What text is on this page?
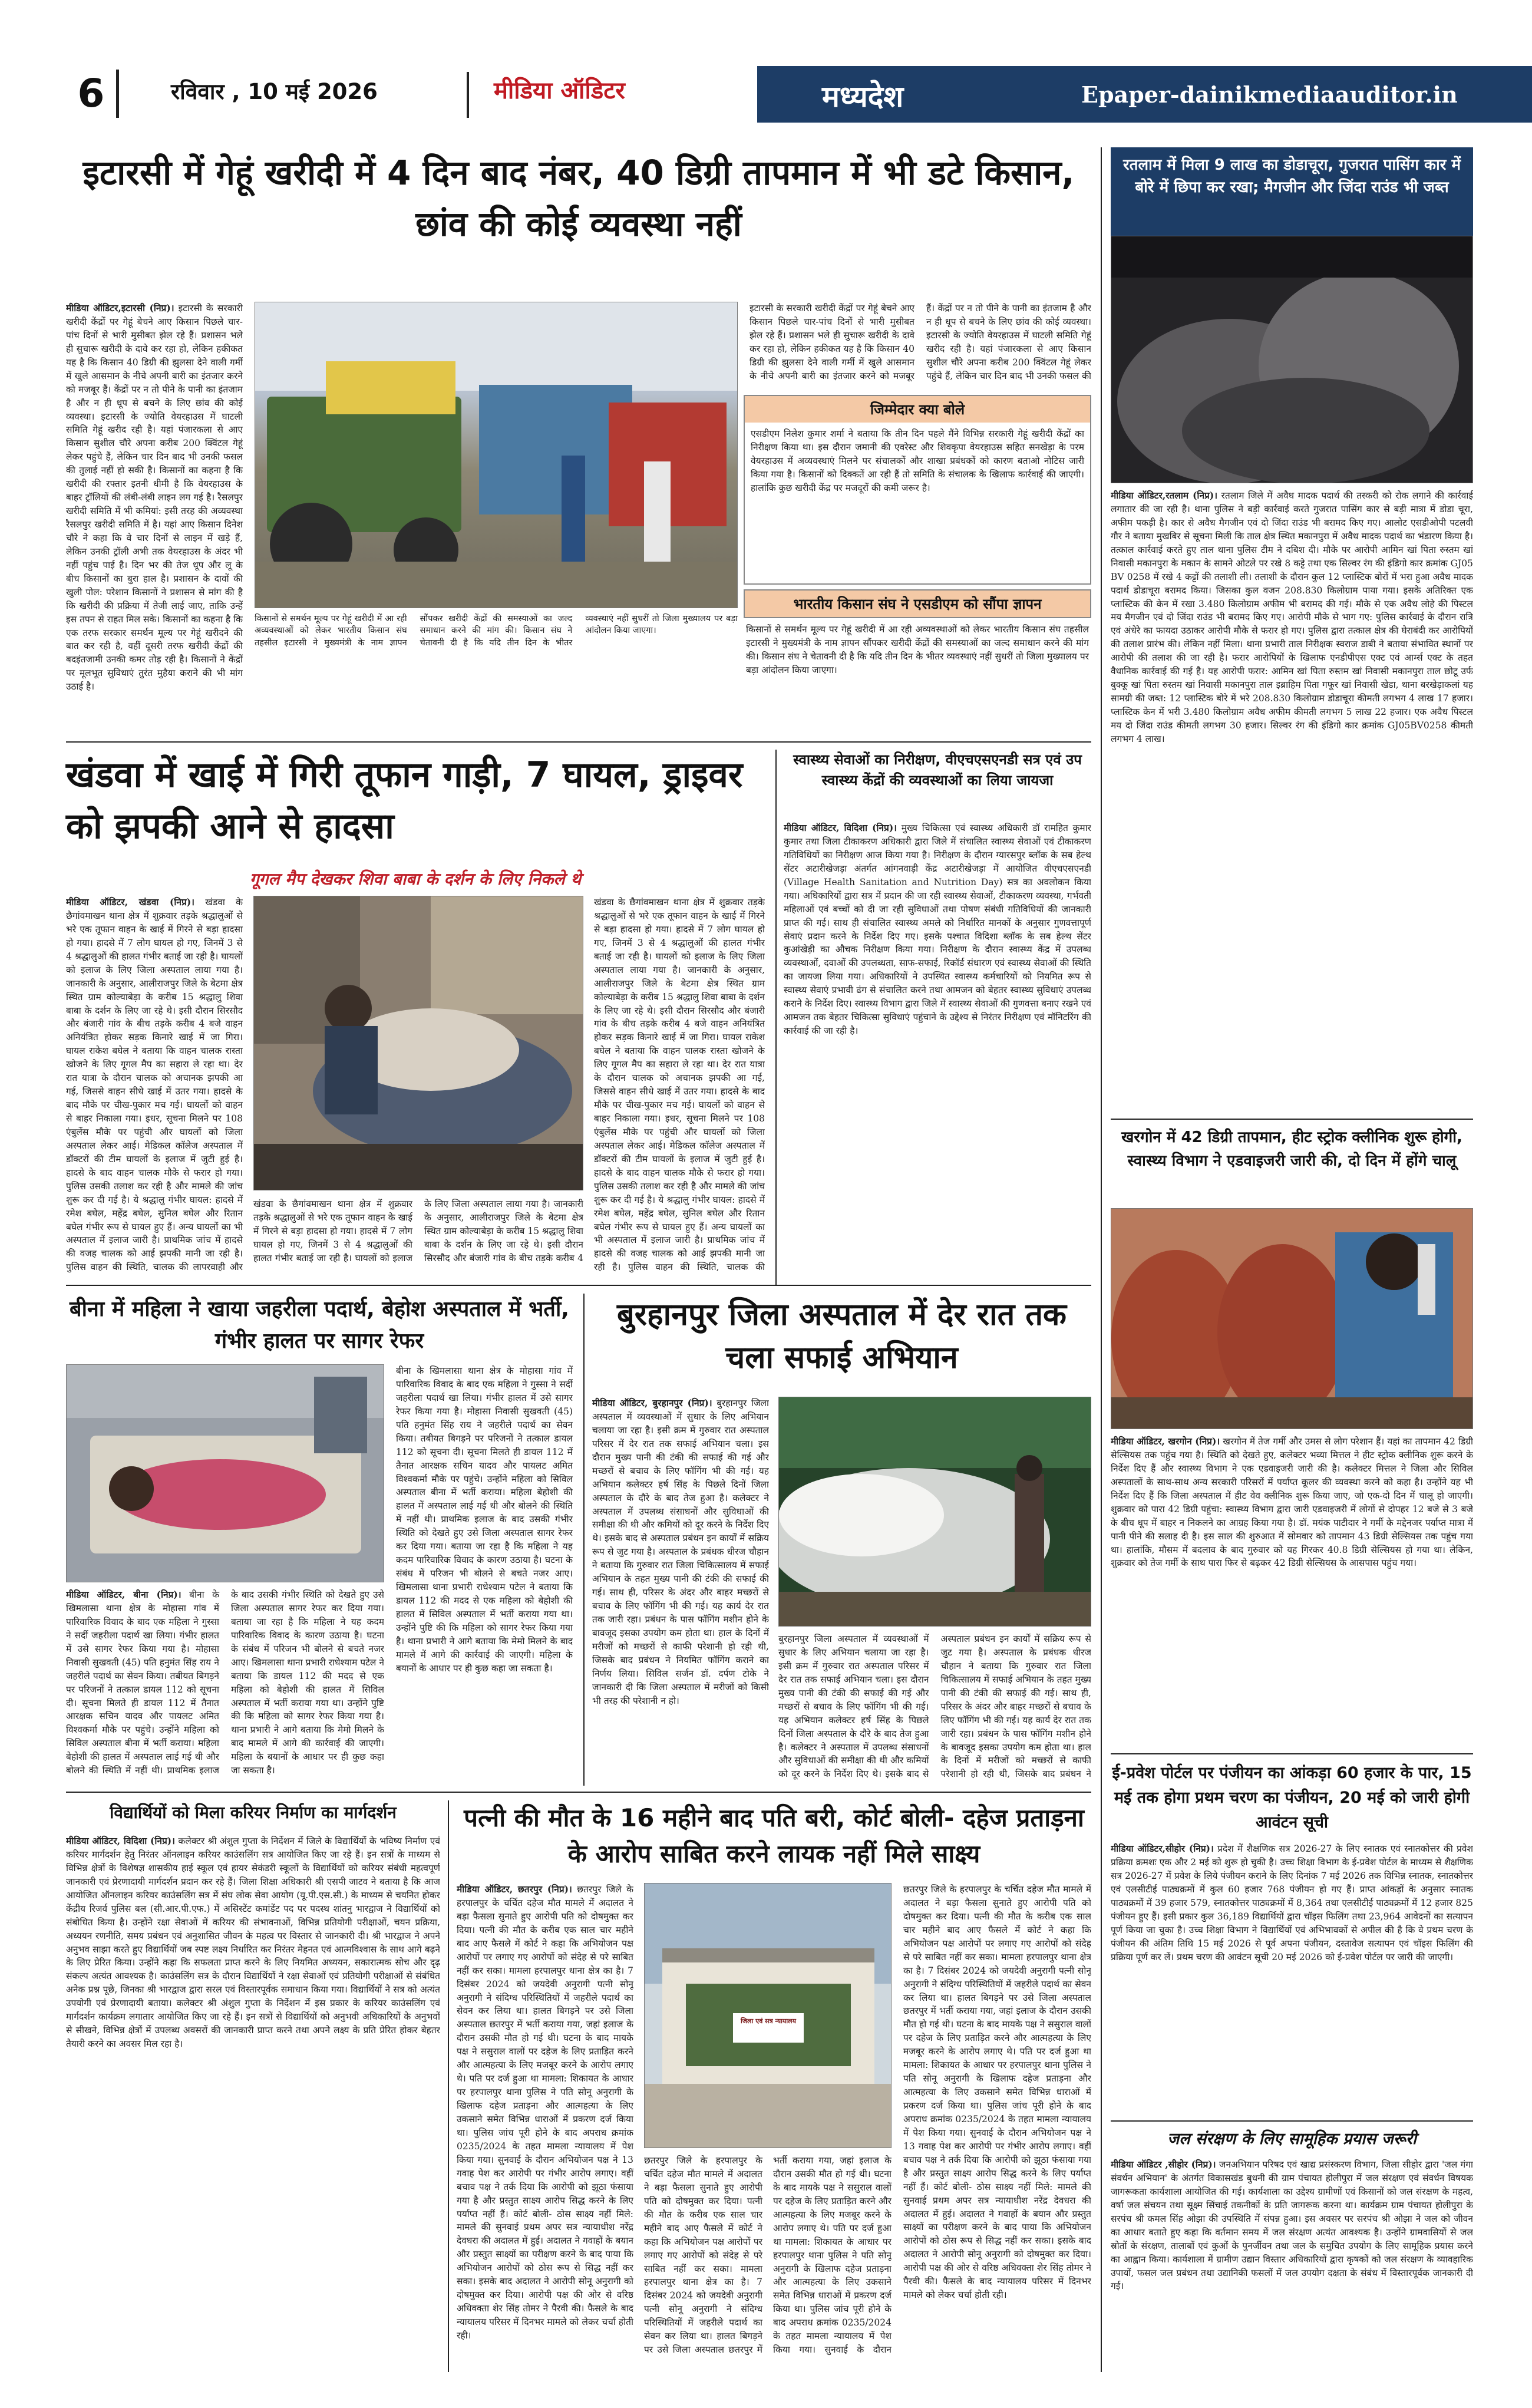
6	रविवार , 10 मई 2026	मीडिया ऑडिटर	मध्यदेश	Epaper-dainikmediaauditor.in
इटारसी में गेहूं खरीदी में 4 दिन बाद नंबर, 40 डिग्री तापमान में भी डटे किसान, छांव की कोई व्यवस्था नहीं

मीडिया ऑडिटर,इटारसी (निप्र)। इटारसी के सरकारी खरीदी केंद्रों पर गेहूं बेचने आए किसान पिछले चार-पांच दिनों से भारी मुसीबत झेल रहे हैं। प्रशासन भले ही सुचारू खरीदी के दावे कर रहा हो, लेकिन हकीकत यह है कि किसान 40 डिग्री की झुलसा देने वाली गर्मी में खुले आसमान के नीचे अपनी बारी का इंतजार करने को मजबूर हैं। केंद्रों पर न तो पीने के पानी का इंतजाम है और न ही धूप से बचने के लिए छांव की कोई व्यवस्था। इटारसी के ज्योति वेयरहाउस में घाटली समिति गेहूं खरीद रही है। यहां पंजारकला से आए किसान सुशील चौरे अपना करीब 200 क्विंटल गेहूं लेकर पहुंचे हैं, लेकिन चार दिन बाद भी उनकी फसल की तुलाई नहीं हो सकी है। किसानों का कहना है कि खरीदी की रफ्तार इतनी धीमी है कि वेयरहाउस के बाहर ट्रॉलियों की लंबी-लंबी लाइन लग गई है। रैसलपुर खरीदी समिति में भी कमियां: इसी तरह की अव्यवस्था रैसलपुर खरीदी समिति में है। यहां आए किसान दिनेश चौरे ने कहा कि वे चार दिनों से लाइन में खड़े हैं, लेकिन उनकी ट्रॉली अभी तक वेयरहाउस के अंदर भी नहीं पहुंच पाई है। दिन भर की तेज धूप और लू के बीच किसानों का बुरा हाल है। प्रशासन के दावों की खुली पोल: परेशान किसानों ने प्रशासन से मांग की है कि खरीदी की प्रक्रिया में तेजी लाई जाए, ताकि उन्हें इस तपन से राहत मिल सके। किसानों का कहना है कि एक तरफ सरकार समर्थन मूल्य पर गेहूं खरीदने की बात कर रही है, वहीं दूसरी तरफ खरीदी केंद्रों की बदइंतजामी उनकी कमर तोड़ रही है। किसानों ने केंद्रों पर मूलभूत सुविधाएं तुरंत मुहैया कराने की भी मांग उठाई है।

किसानों से समर्थन मूल्य पर गेहूं खरीदी में आ रही अव्यवस्थाओं को लेकर भारतीय किसान संघ तहसील इटारसी ने मुख्यमंत्री के नाम ज्ञापन सौंपकर खरीदी केंद्रों की समस्याओं का जल्द समाधान करने की मांग की। किसान संघ ने चेतावनी दी है कि यदि तीन दिन के भीतर व्यवस्थाएं नहीं सुधरीं तो जिला मुख्यालय पर बड़ा आंदोलन किया जाएगा।
इटारसी के सरकारी खरीदी केंद्रों पर गेहूं बेचने आए किसान पिछले चार-पांच दिनों से भारी मुसीबत झेल रहे हैं। प्रशासन भले ही सुचारू खरीदी के दावे कर रहा हो, लेकिन हकीकत यह है कि किसान 40 डिग्री की झुलसा देने वाली गर्मी में खुले आसमान के नीचे अपनी बारी का इंतजार करने को मजबूर हैं। केंद्रों पर न तो पीने के पानी का इंतजाम है और न ही धूप से बचने के लिए छांव की कोई व्यवस्था। इटारसी के ज्योति वेयरहाउस में घाटली समिति गेहूं खरीद रही है। यहां पंजारकला से आए किसान सुशील चौरे अपना करीब 200 क्विंटल गेहूं लेकर पहुंचे हैं, लेकिन चार दिन बाद भी उनकी फसल की
जिम्मेदार क्या बोले
एसडीएम निलेश कुमार शर्मा ने बताया कि तीन दिन पहले मैंने विभिन्न सरकारी गेहूं खरीदी केंद्रों का निरीक्षण किया था। इस दौरान जमानी की एवरेस्ट और शिवकृपा वेयरहाउस सहित सनखेड़ा के परम वेयरहाउस में अव्यवस्थाएं मिलने पर संचालकों और शाखा प्रबंधकों को कारण बताओ नोटिस जारी किया गया है। किसानों को दिक्कतें आ रही हैं तो समिति के संचालक के खिलाफ कार्रवाई की जाएगी। हालांकि कुछ खरीदी केंद्र पर मजदूरों की कमी जरूर है।
भारतीय किसान संघ ने एसडीएम को सौंपा ज्ञापन
किसानों से समर्थन मूल्य पर गेहूं खरीदी में आ रही अव्यवस्थाओं को लेकर भारतीय किसान संघ तहसील इटारसी ने मुख्यमंत्री के नाम ज्ञापन सौंपकर खरीदी केंद्रों की समस्याओं का जल्द समाधान करने की मांग की। किसान संघ ने चेतावनी दी है कि यदि तीन दिन के भीतर व्यवस्थाएं नहीं सुधरीं तो जिला मुख्यालय पर बड़ा आंदोलन किया जाएगा।
खंडवा में खाई में गिरी तूफान गाड़ी, 7 घायल, ड्राइवर को झपकी आने से हादसा
गूगल मैप देखकर शिवा बाबा के दर्शन के लिए निकले थे
मीडिया ऑडिटर, खंडवा (निप्र)। खंडवा के छैगांवमाखन थाना क्षेत्र में शुक्रवार तड़के श्रद्धालुओं से भरे एक तूफान वाहन के खाई में गिरने से बड़ा हादसा हो गया। हादसे में 7 लोग घायल हो गए, जिनमें 3 से 4 श्रद्धालुओं की हालत गंभीर बताई जा रही है। घायलों को इलाज के लिए जिला अस्पताल लाया गया है। जानकारी के अनुसार, आलीराजपुर जिले के बेटमा क्षेत्र स्थित ग्राम कोल्याबेड़ा के करीब 15 श्रद्धालु शिवा बाबा के दर्शन के लिए जा रहे थे। इसी दौरान सिरसौद और बंजारी गांव के बीच तड़के करीब 4 बजे वाहन अनियंत्रित होकर सड़क किनारे खाई में जा गिरा। घायल राकेश बघेल ने बताया कि वाहन चालक रास्ता खोजने के लिए गूगल मैप का सहारा ले रहा था। देर रात यात्रा के दौरान चालक को अचानक झपकी आ गई, जिससे वाहन सीधे खाई में उतर गया। हादसे के बाद मौके पर चीख-पुकार मच गई। घायलों को वाहन से बाहर निकाला गया। इधर, सूचना मिलने पर 108 एंबुलेंस मौके पर पहुंची और घायलों को जिला अस्पताल लेकर आई। मेडिकल कॉलेज अस्पताल में डॉक्टरों की टीम घायलों के इलाज में जुटी हुई है। हादसे के बाद वाहन चालक मौके से फरार हो गया। पुलिस उसकी तलाश कर रही है और मामले की जांच शुरू कर दी गई है। ये श्रद्धालु गंभीर घायल: हादसे में रमेश बघेल, महेंद्र बघेल, सुनिल बघेल और रितान बघेल गंभीर रूप से घायल हुए हैं। अन्य घायलों का भी अस्पताल में इलाज जारी है। प्राथमिक जांच में हादसे की वजह चालक को आई झपकी मानी जा रही है। पुलिस वाहन की स्थिति, चालक की लापरवाही और
खंडवा के छैगांवमाखन थाना क्षेत्र में शुक्रवार तड़के श्रद्धालुओं से भरे एक तूफान वाहन के खाई में गिरने से बड़ा हादसा हो गया। हादसे में 7 लोग घायल हो गए, जिनमें 3 से 4 श्रद्धालुओं की हालत गंभीर बताई जा रही है। घायलों को इलाज के लिए जिला अस्पताल लाया गया है। जानकारी के अनुसार, आलीराजपुर जिले के बेटमा क्षेत्र स्थित ग्राम कोल्याबेड़ा के करीब 15 श्रद्धालु शिवा बाबा के दर्शन के लिए जा रहे थे। इसी दौरान सिरसौद और बंजारी गांव के बीच तड़के करीब 4
खंडवा के छैगांवमाखन थाना क्षेत्र में शुक्रवार तड़के श्रद्धालुओं से भरे एक तूफान वाहन के खाई में गिरने से बड़ा हादसा हो गया। हादसे में 7 लोग घायल हो गए, जिनमें 3 से 4 श्रद्धालुओं की हालत गंभीर बताई जा रही है। घायलों को इलाज के लिए जिला अस्पताल लाया गया है। जानकारी के अनुसार, आलीराजपुर जिले के बेटमा क्षेत्र स्थित ग्राम कोल्याबेड़ा के करीब 15 श्रद्धालु शिवा बाबा के दर्शन के लिए जा रहे थे। इसी दौरान सिरसौद और बंजारी गांव के बीच तड़के करीब 4 बजे वाहन अनियंत्रित होकर सड़क किनारे खाई में जा गिरा। घायल राकेश बघेल ने बताया कि वाहन चालक रास्ता खोजने के लिए गूगल मैप का सहारा ले रहा था। देर रात यात्रा के दौरान चालक को अचानक झपकी आ गई, जिससे वाहन सीधे खाई में उतर गया। हादसे के बाद मौके पर चीख-पुकार मच गई। घायलों को वाहन से बाहर निकाला गया। इधर, सूचना मिलने पर 108 एंबुलेंस मौके पर पहुंची और घायलों को जिला अस्पताल लेकर आई। मेडिकल कॉलेज अस्पताल में डॉक्टरों की टीम घायलों के इलाज में जुटी हुई है। हादसे के बाद वाहन चालक मौके से फरार हो गया। पुलिस उसकी तलाश कर रही है और मामले की जांच शुरू कर दी गई है। ये श्रद्धालु गंभीर घायल: हादसे में रमेश बघेल, महेंद्र बघेल, सुनिल बघेल और रितान बघेल गंभीर रूप से घायल हुए हैं। अन्य घायलों का भी अस्पताल में इलाज जारी है। प्राथमिक जांच में हादसे की वजह चालक को आई झपकी मानी जा रही है। पुलिस वाहन की स्थिति, चालक की
स्वास्थ्य सेवाओं का निरीक्षण, वीएचएसएनडी सत्र एवं उप स्वास्थ्य केंद्रों की व्यवस्थाओं का लिया जायजा
मीडिया ऑडिटर, विदिशा (निप्र)। मुख्य चिकित्सा एवं स्वास्थ्य अधिकारी डॉ रामहित कुमार कुमार तथा जिला टीकाकरण अधिकारी द्वारा जिले में संचालित स्वास्थ्य सेवाओं एवं टीकाकरण गतिविधियों का निरीक्षण आज किया गया है। निरीक्षण के दौरान ग्यारसपुर ब्लॉक के सब हेल्थ सेंटर अटारीखेजड़ा अंतर्गत आंगनवाड़ी केंद्र अटारीखेजड़ा में आयोजित वीएचएसएनडी (Village Health Sanitation and Nutrition Day) सत्र का अवलोकन किया गया। अधिकारियों द्वारा सत्र में प्रदान की जा रही स्वास्थ्य सेवाओं, टीकाकरण व्यवस्था, गर्भवती महिलाओं एवं बच्चों को दी जा रही सुविधाओं तथा पोषण संबंधी गतिविधियों की जानकारी प्राप्त की गई। साथ ही संचालित स्वास्थ्य अमले को निर्धारित मानकों के अनुसार गुणवत्तापूर्ण सेवाएं प्रदान करने के निर्देश दिए गए। इसके पश्चात विदिशा ब्लॉक के सब हेल्थ सेंटर कुआंखेड़ी का औचक निरीक्षण किया गया। निरीक्षण के दौरान स्वास्थ्य केंद्र में उपलब्ध व्यवस्थाओं, दवाओं की उपलब्धता, साफ-सफाई, रिकॉर्ड संधारण एवं स्वास्थ्य सेवाओं की स्थिति का जायजा लिया गया। अधिकारियों ने उपस्थित स्वास्थ्य कर्मचारियों को नियमित रूप से स्वास्थ्य सेवाएं प्रभावी ढंग से संचालित करने तथा आमजन को बेहतर स्वास्थ्य सुविधाएं उपलब्ध कराने के निर्देश दिए। स्वास्थ्य विभाग द्वारा जिले में स्वास्थ्य सेवाओं की गुणवत्ता बनाए रखने एवं आमजन तक बेहतर चिकित्सा सुविधाएं पहुंचाने के उद्देश्य से निरंतर निरीक्षण एवं मॉनिटरिंग की कार्रवाई की जा रही है।
बीना में महिला ने खाया जहरीला पदार्थ, बेहोश अस्पताल में भर्ती, गंभीर हालत पर सागर रेफर
बीना के खिमलासा थाना क्षेत्र के मोहासा गांव में पारिवारिक विवाद के बाद एक महिला ने गुस्सा ने सर्दी जहरीला पदार्थ खा लिया। गंभीर हालत में उसे सागर रेफर किया गया है। मोहासा निवासी सुखवती (45) पति हनुमंत सिंह राय ने जहरीले पदार्थ का सेवन किया। तबीयत बिगड़ने पर परिजनों ने तत्काल डायल 112 को सूचना दी। सूचना मिलते ही डायल 112 में तैनात आरक्षक सचिन यादव और पायलट अमित विश्वकर्मा मौके पर पहुंचे। उन्होंने महिला को सिविल अस्पताल बीना में भर्ती कराया। महिला बेहोशी की हालत में अस्पताल लाई गई थी और बोलने की स्थिति में नहीं थी। प्राथमिक इलाज के बाद उसकी गंभीर स्थिति को देखते हुए उसे जिला अस्पताल सागर रेफर कर दिया गया। बताया जा रहा है कि महिला ने यह कदम पारिवारिक विवाद के कारण उठाया है। घटना के संबंध में परिजन भी बोलने से बचते नजर आए। खिमलासा थाना प्रभारी राधेश्याम पटेल ने बताया कि डायल 112 की मदद से एक महिला को बेहोशी की हालत में सिविल अस्पताल में भर्ती कराया गया था। उन्होंने पुष्टि की कि महिला को सागर रेफर किया गया है। थाना प्रभारी ने आगे बताया कि मेमो मिलने के बाद मामले में आगे की कार्रवाई की जाएगी। महिला के बयानों के आधार पर ही कुछ कहा जा सकता है।
मीडिया ऑडिटर, बीना (निप्र)। बीना के खिमलासा थाना क्षेत्र के मोहासा गांव में पारिवारिक विवाद के बाद एक महिला ने गुस्सा ने सर्दी जहरीला पदार्थ खा लिया। गंभीर हालत में उसे सागर रेफर किया गया है। मोहासा निवासी सुखवती (45) पति हनुमंत सिंह राय ने जहरीले पदार्थ का सेवन किया। तबीयत बिगड़ने पर परिजनों ने तत्काल डायल 112 को सूचना दी। सूचना मिलते ही डायल 112 में तैनात आरक्षक सचिन यादव और पायलट अमित विश्वकर्मा मौके पर पहुंचे। उन्होंने महिला को सिविल अस्पताल बीना में भर्ती कराया। महिला बेहोशी की हालत में अस्पताल लाई गई थी और बोलने की स्थिति में नहीं थी। प्राथमिक इलाज के बाद उसकी गंभीर स्थिति को देखते हुए उसे जिला अस्पताल सागर रेफर कर दिया गया। बताया जा रहा है कि महिला ने यह कदम पारिवारिक विवाद के कारण उठाया है। घटना के संबंध में परिजन भी बोलने से बचते नजर आए। खिमलासा थाना प्रभारी राधेश्याम पटेल ने बताया कि डायल 112 की मदद से एक महिला को बेहोशी की हालत में सिविल अस्पताल में भर्ती कराया गया था। उन्होंने पुष्टि की कि महिला को सागर रेफर किया गया है। थाना प्रभारी ने आगे बताया कि मेमो मिलने के बाद मामले में आगे की कार्रवाई की जाएगी। महिला के बयानों के आधार पर ही कुछ कहा जा सकता है।
बुरहानपुर जिला अस्पताल में देर रात तक चला सफाई अभियान
मीडिया ऑडिटर, बुरहानपुर (निप्र)। बुरहानपुर जिला अस्पताल में व्यवस्थाओं में सुधार के लिए अभियान चलाया जा रहा है। इसी क्रम में गुरुवार रात अस्पताल परिसर में देर रात तक सफाई अभियान चला। इस दौरान मुख्य पानी की टंकी की सफाई की गई और मच्छरों से बचाव के लिए फॉगिंग भी की गई। यह अभियान कलेक्टर हर्ष सिंह के पिछले दिनों जिला अस्पताल के दौरे के बाद तेज हुआ है। कलेक्टर ने अस्पताल में उपलब्ध संसाधनों और सुविधाओं की समीक्षा की थी और कमियों को दूर करने के निर्देश दिए थे। इसके बाद से अस्पताल प्रबंधन इन कार्यों में सक्रिय रूप से जुट गया है। अस्पताल के प्रबंधक धीरज चौहान ने बताया कि गुरुवार रात जिला चिकित्सालय में सफाई अभियान के तहत मुख्य पानी की टंकी की सफाई की गई। साथ ही, परिसर के अंदर और बाहर मच्छरों से बचाव के लिए फॉगिंग भी की गई। यह कार्य देर रात तक जारी रहा। प्रबंधन के पास फॉगिंग मशीन होने के बावजूद इसका उपयोग कम होता था। हाल के दिनों में मरीजों को मच्छरों से काफी परेशानी हो रही थी, जिसके बाद प्रबंधन ने नियमित फॉगिंग कराने का निर्णय लिया। सिविल सर्जन डॉ. दर्पण टोके ने जानकारी दी कि जिला अस्पताल में मरीजों को किसी भी तरह की परेशानी न हो।
बुरहानपुर जिला अस्पताल में व्यवस्थाओं में सुधार के लिए अभियान चलाया जा रहा है। इसी क्रम में गुरुवार रात अस्पताल परिसर में देर रात तक सफाई अभियान चला। इस दौरान मुख्य पानी की टंकी की सफाई की गई और मच्छरों से बचाव के लिए फॉगिंग भी की गई। यह अभियान कलेक्टर हर्ष सिंह के पिछले दिनों जिला अस्पताल के दौरे के बाद तेज हुआ है। कलेक्टर ने अस्पताल में उपलब्ध संसाधनों और सुविधाओं की समीक्षा की थी और कमियों को दूर करने के निर्देश दिए थे। इसके बाद से अस्पताल प्रबंधन इन कार्यों में सक्रिय रूप से जुट गया है। अस्पताल के प्रबंधक धीरज चौहान ने बताया कि गुरुवार रात जिला चिकित्सालय में सफाई अभियान के तहत मुख्य पानी की टंकी की सफाई की गई। साथ ही, परिसर के अंदर और बाहर मच्छरों से बचाव के लिए फॉगिंग भी की गई। यह कार्य देर रात तक जारी रहा। प्रबंधन के पास फॉगिंग मशीन होने के बावजूद इसका उपयोग कम होता था। हाल के दिनों में मरीजों को मच्छरों से काफी परेशानी हो रही थी, जिसके बाद प्रबंधन ने
विद्यार्थियों को मिला करियर निर्माण का मार्गदर्शन
मीडिया ऑडिटर, विदिशा (निप्र)। कलेक्टर श्री अंशुल गुप्ता के निर्देशन में जिले के विद्यार्थियों के भविष्य निर्माण एवं करियर मार्गदर्शन हेतु निरंतर ऑनलाइन करियर काउंसलिंग सत्र आयोजित किए जा रहे हैं। इन सत्रों के माध्यम से विभिन्न क्षेत्रों के विशेषज्ञ शासकीय हाई स्कूल एवं हायर सेकंडरी स्कूलों के विद्यार्थियों को करियर संबंधी महत्वपूर्ण जानकारी एवं प्रेरणादायी मार्गदर्शन प्रदान कर रहे हैं। जिला शिक्षा अधिकारी श्री एसपी जाटव ने बताया है कि आज आयोजित ऑनलाइन करियर काउंसलिंग सत्र में संघ लोक सेवा आयोग (यू.पी.एस.सी.) के माध्यम से चयनित होकर केंद्रीय रिजर्व पुलिस बल (सी.आर.पी.एफ.) में असिस्टेंट कमांडेंट पद पर पदस्थ शांतनु भारद्वाज ने विद्यार्थियों को संबोधित किया है। उन्होंने रक्षा सेवाओं में करियर की संभावनाओं, विभिन्न प्रतियोगी परीक्षाओं, चयन प्रक्रिया, अध्ययन रणनीति, समय प्रबंधन एवं अनुशासित जीवन के महत्व पर विस्तार से जानकारी दी। श्री भारद्वाज ने अपने अनुभव साझा करते हुए विद्यार्थियों जब स्पष्ट लक्ष्य निर्धारित कर निरंतर मेहनत एवं आत्मविश्वास के साथ आगे बढ़ने के लिए प्रेरित किया। उन्होंने कहा कि सफलता प्राप्त करने के लिए नियमित अध्ययन, सकारात्मक सोच और दृढ़ संकल्प अत्यंत आवश्यक है। काउंसलिंग सत्र के दौरान विद्यार्थियों ने रक्षा सेवाओं एवं प्रतियोगी परीक्षाओं से संबंधित अनेक प्रश्न पूछे, जिनका श्री भारद्वाज द्वारा सरल एवं विस्तारपूर्वक समाधान किया गया। विद्यार्थियों ने सत्र को अत्यंत उपयोगी एवं प्रेरणादायी बताया। कलेक्टर श्री अंशुल गुप्ता के निर्देशन में इस प्रकार के करियर काउंसलिंग एवं मार्गदर्शन कार्यक्रम लगातार आयोजित किए जा रहे हैं। इन सत्रों से विद्यार्थियों को अनुभवी अधिकारियों के अनुभवों से सीखने, विभिन्न क्षेत्रों में उपलब्ध अवसरों की जानकारी प्राप्त करने तथा अपने लक्ष्य के प्रति प्रेरित होकर बेहतर तैयारी करने का अवसर मिल रहा है।
पत्नी की मौत के 16 महीने बाद पति बरी, कोर्ट बोली- दहेज प्रताड़ना के आरोप साबित करने लायक नहीं मिले साक्ष्य
मीडिया ऑडिटर, छतरपुर (निप्र)। छतरपुर जिले के हरपालपुर के चर्चित दहेज मौत मामले में अदालत ने बड़ा फैसला सुनाते हुए आरोपी पति को दोषमुक्त कर दिया। पत्नी की मौत के करीब एक साल चार महीने बाद आए फैसले में कोर्ट ने कहा कि अभियोजन पक्ष आरोपों पर लगाए गए आरोपों को संदेह से परे साबित नहीं कर सका। मामला हरपालपुर थाना क्षेत्र का है। 7 दिसंबर 2024 को जयदेवी अनुरागी पत्नी सोनू अनुरागी ने संदिग्ध परिस्थितियों में जहरीले पदार्थ का सेवन कर लिया था। हालत बिगड़ने पर उसे जिला अस्पताल छतरपुर में भर्ती कराया गया, जहां इलाज के दौरान उसकी मौत हो गई थी। घटना के बाद मायके पक्ष ने ससुराल वालों पर दहेज के लिए प्रताड़ित करने और आत्महत्या के लिए मजबूर करने के आरोप लगाए थे। पति पर दर्ज हुआ था मामला: शिकायत के आधार पर हरपालपुर थाना पुलिस ने पति सोनू अनुरागी के खिलाफ दहेज प्रताड़ना और आत्महत्या के लिए उकसाने समेत विभिन्न धाराओं में प्रकरण दर्ज किया था। पुलिस जांच पूरी होने के बाद अपराध क्रमांक 0235/2024 के तहत मामला न्यायालय में पेश किया गया। सुनवाई के दौरान अभियोजन पक्ष ने 13 गवाह पेश कर आरोपी पर गंभीर आरोप लगाए। वहीं बचाव पक्ष ने तर्क दिया कि आरोपी को झूठा फंसाया गया है और प्रस्तुत साक्ष्य आरोप सिद्ध करने के लिए पर्याप्त नहीं हैं। कोर्ट बोली- ठोस साक्ष्य नहीं मिले: मामले की सुनवाई प्रथम अपर सत्र न्यायाधीश नरेंद्र देवधरा की अदालत में हुई। अदालत ने गवाहों के बयान और प्रस्तुत साक्ष्यों का परीक्षण करने के बाद पाया कि अभियोजन आरोपों को ठोस रूप से सिद्ध नहीं कर सका। इसके बाद अदालत ने आरोपी सोनू अनुरागी को दोषमुक्त कर दिया। आरोपी पक्ष की ओर से वरिष्ठ अधिवक्ता शेर सिंह तोमर ने पैरवी की। फैसले के बाद न्यायालय परिसर में दिनभर मामले को लेकर चर्चा होती रही।
जिला एवं सत्र न्यायालय
छतरपुर जिले के हरपालपुर के चर्चित दहेज मौत मामले में अदालत ने बड़ा फैसला सुनाते हुए आरोपी पति को दोषमुक्त कर दिया। पत्नी की मौत के करीब एक साल चार महीने बाद आए फैसले में कोर्ट ने कहा कि अभियोजन पक्ष आरोपों पर लगाए गए आरोपों को संदेह से परे साबित नहीं कर सका। मामला हरपालपुर थाना क्षेत्र का है। 7 दिसंबर 2024 को जयदेवी अनुरागी पत्नी सोनू अनुरागी ने संदिग्ध परिस्थितियों में जहरीले पदार्थ का सेवन कर लिया था। हालत बिगड़ने पर उसे जिला अस्पताल छतरपुर में भर्ती कराया गया, जहां इलाज के दौरान उसकी मौत हो गई थी। घटना के बाद मायके पक्ष ने ससुराल वालों पर दहेज के लिए प्रताड़ित करने और आत्महत्या के लिए मजबूर करने के आरोप लगाए थे। पति पर दर्ज हुआ था मामला: शिकायत के आधार पर हरपालपुर थाना पुलिस ने पति सोनू अनुरागी के खिलाफ दहेज प्रताड़ना और आत्महत्या के लिए उकसाने समेत विभिन्न धाराओं में प्रकरण दर्ज किया था। पुलिस जांच पूरी होने के बाद अपराध क्रमांक 0235/2024 के तहत मामला न्यायालय में पेश किया गया। सुनवाई के दौरान
छतरपुर जिले के हरपालपुर के चर्चित दहेज मौत मामले में अदालत ने बड़ा फैसला सुनाते हुए आरोपी पति को दोषमुक्त कर दिया। पत्नी की मौत के करीब एक साल चार महीने बाद आए फैसले में कोर्ट ने कहा कि अभियोजन पक्ष आरोपों पर लगाए गए आरोपों को संदेह से परे साबित नहीं कर सका। मामला हरपालपुर थाना क्षेत्र का है। 7 दिसंबर 2024 को जयदेवी अनुरागी पत्नी सोनू अनुरागी ने संदिग्ध परिस्थितियों में जहरीले पदार्थ का सेवन कर लिया था। हालत बिगड़ने पर उसे जिला अस्पताल छतरपुर में भर्ती कराया गया, जहां इलाज के दौरान उसकी मौत हो गई थी। घटना के बाद मायके पक्ष ने ससुराल वालों पर दहेज के लिए प्रताड़ित करने और आत्महत्या के लिए मजबूर करने के आरोप लगाए थे। पति पर दर्ज हुआ था मामला: शिकायत के आधार पर हरपालपुर थाना पुलिस ने पति सोनू अनुरागी के खिलाफ दहेज प्रताड़ना और आत्महत्या के लिए उकसाने समेत विभिन्न धाराओं में प्रकरण दर्ज किया था। पुलिस जांच पूरी होने के बाद अपराध क्रमांक 0235/2024 के तहत मामला न्यायालय में पेश किया गया। सुनवाई के दौरान अभियोजन पक्ष ने 13 गवाह पेश कर आरोपी पर गंभीर आरोप लगाए। वहीं बचाव पक्ष ने तर्क दिया कि आरोपी को झूठा फंसाया गया है और प्रस्तुत साक्ष्य आरोप सिद्ध करने के लिए पर्याप्त नहीं हैं। कोर्ट बोली- ठोस साक्ष्य नहीं मिले: मामले की सुनवाई प्रथम अपर सत्र न्यायाधीश नरेंद्र देवधरा की अदालत में हुई। अदालत ने गवाहों के बयान और प्रस्तुत साक्ष्यों का परीक्षण करने के बाद पाया कि अभियोजन आरोपों को ठोस रूप से सिद्ध नहीं कर सका। इसके बाद अदालत ने आरोपी सोनू अनुरागी को दोषमुक्त कर दिया। आरोपी पक्ष की ओर से वरिष्ठ अधिवक्ता शेर सिंह तोमर ने पैरवी की। फैसले के बाद न्यायालय परिसर में दिनभर मामले को लेकर चर्चा होती रही।
रतलाम में मिला 9 लाख का डोडाचूरा, गुजरात पासिंग कार में बोरे में छिपा कर रखा; मैगजीन और जिंदा राउंड भी जब्त
मीडिया ऑडिटर,रतलाम (निप्र)। रतलाम जिले में अवैध मादक पदार्थ की तस्करी को रोक लगाने की कार्रवाई लगातार की जा रही है। थाना पुलिस ने बड़ी कार्रवाई करते गुजरात पासिंग कार से बड़ी मात्रा में डोडा चूरा, अफीम पकड़ी है। कार से अवैध मैगजीन एवं दो जिंदा राउंड भी बरामद किए गए। आलोट एसडीओपी पटलवी गौर ने बताया मुखबिर से सूचना मिली कि ताल क्षेत्र स्थित मकानपुरा में अवैध मादक पदार्थ का भंडारण किया है। तत्काल कार्रवाई करते हुए ताल थाना पुलिस टीम ने दबिश दी। मौके पर आरोपी आमिन खां पिता रुस्तम खां निवासी मकानपुरा के मकान के सामने ओटले पर रखे 8 कट्टे तथा एक सिल्वर रंग की इंडिगो कार क्रमांक GJ05 BV 0258 में रखे 4 कट्टों की तलाशी ली। तलाशी के दौरान कुल 12 प्लास्टिक बोरों में भरा हुआ अवैध मादक पदार्थ डोडाचूरा बरामद किया। जिसका कुल वजन 208.830 किलोग्राम पाया गया। इसके अतिरिक्त एक प्लास्टिक की केन में रखा 3.480 किलोग्राम अफीम भी बरामद की गई। मौके से एक अवैध लोहे की पिस्टल मय मैगजीन एवं दो जिंदा राउंड भी बरामद किए गए। आरोपी मौके से भाग गए: पुलिस कार्रवाई के दौरान रात्रि एवं अंधेरे का फायदा उठाकर आरोपी मौके से फरार हो गए। पुलिस द्वारा तत्काल क्षेत्र की घेराबंदी कर आरोपियों की तलाश प्रारंभ की। लेकिन नहीं मिला। थाना प्रभारी ताल निरीक्षक स्वराज डाबी ने बताया संभावित स्थानों पर आरोपी की तलाश की जा रही है। फरार आरोपियों के खिलाफ एनडीपीएस एक्ट एवं आर्म्स एक्ट के तहत वैधानिक कार्रवाई की गई है। यह आरोपी फरार: आमिन खां पिता रुस्तम खां निवासी मकानपुरा ताल छोटू उर्फ बुक्कू खां पिता रुस्तम खां निवासी मकानपुरा ताल इब्राहिम पिता गफूर खां निवासी खेडा, थाना बरखेड़ाकलां यह सामग्री की जब्त: 12 प्लास्टिक बोरे में भरे 208.830 किलोग्राम डोडाचूरा कीमती लगभग 4 लाख 17 हजार। प्लास्टिक केन में भरी 3.480 किलोग्राम अवैध अफीम कीमती लगभग 5 लाख 22 हजार। एक अवैध पिस्टल मय दो जिंदा राउंड कीमती लगभग 30 हजार। सिल्वर रंग की इंडिगो कार क्रमांक GJ05BV0258 कीमती लगभग 4 लाख।
खरगोन में 42 डिग्री तापमान, हीट स्ट्रोक क्लीनिक शुरू होगी, स्वास्थ्य विभाग ने एडवाइजरी जारी की, दो दिन में होंगे चालू
मीडिया ऑडिटर, खरगोन (निप्र)। खरगोन में तेज गर्मी और उमस से लोग परेशान हैं। यहां का तापमान 42 डिग्री सेल्सियस तक पहुंच गया है। स्थिति को देखते हुए, कलेक्टर भव्या मित्तल ने हीट स्ट्रोक क्लीनिक शुरू करने के निर्देश दिए हैं और स्वास्थ्य विभाग ने एक एडवाइजरी जारी की है। कलेक्टर मित्तल ने जिला और सिविल अस्पतालों के साथ-साथ अन्य सरकारी परिसरों में पर्याप्त कूलर की व्यवस्था करने को कहा है। उन्होंने यह भी निर्देश दिए हैं कि जिला अस्पताल में हीट वेव क्लीनिक शुरू किया जाए, जो एक-दो दिन में चालू हो जाएगी। शुक्रवार को पारा 42 डिग्री पहुंचा: स्वास्थ्य विभाग द्वारा जारी एडवाइजरी में लोगों से दोपहर 12 बजे से 3 बजे के बीच धूप में बाहर न निकलने का आग्रह किया गया है। डॉ. मयंक पाटीदार ने गर्मी के मद्देनजर पर्याप्त मात्रा में पानी पीने की सलाह दी है। इस साल की शुरुआत में सोमवार को तापमान 43 डिग्री सेल्सियस तक पहुंच गया था। हालांकि, मौसम में बदलाव के बाद गुरुवार को यह गिरकर 40.8 डिग्री सेल्सियस हो गया था। लेकिन, शुक्रवार को तेज गर्मी के साथ पारा फिर से बढ़कर 42 डिग्री सेल्सियस के आसपास पहुंच गया।
ई-प्रवेश पोर्टल पर पंजीयन का आंकड़ा 60 हजार के पार, 15 मई तक होगा प्रथम चरण का पंजीयन, 20 मई को जारी होगी आवंटन सूची
मीडिया ऑडिटर,सीहोर (निप्र)। प्रदेश में शैक्षणिक सत्र 2026-27 के लिए स्नातक एवं स्नातकोत्तर की प्रवेश प्रक्रिया क्रमशः एक और 2 मई को शुरू हो चुकी है। उच्च शिक्षा विभाग के ई-प्रवेश पोर्टल के माध्यम से शैक्षणिक सत्र 2026-27 में प्रवेश के लिये पंजीयन कराने के लिए दिनांक 7 मई 2026 तक विभिन्न स्नातक, स्नातकोत्तर एवं एलसीटीई पाठ्यक्रमों में कुल 60 हजार 768 पंजीयन हो गए हैं। प्राप्त आंकड़ों के अनुसार स्नातक पाठ्यक्रमों में 39 हजार 579, स्नातकोत्तर पाठ्यक्रमों में 8,364 तथा एलसीटीई पाठ्यक्रमों में 12 हजार 825 पंजीयन हुए हैं। इसी प्रकार कुल 36,189 विद्यार्थियों द्वारा चॉइस फिलिंग तथा 23,964 आवेदनों का सत्यापन पूर्ण किया जा चुका है। उच्च शिक्षा विभाग ने विद्यार्थियों एवं अभिभावकों से अपील की है कि वे प्रथम चरण के पंजीयन की अंतिम तिथि 15 मई 2026 से पूर्व अपना पंजीयन, दस्तावेज सत्यापन एवं चॉइस फिलिंग की प्रक्रिया पूर्ण कर लें। प्रथम चरण की आवंटन सूची 20 मई 2026 को ई-प्रवेश पोर्टल पर जारी की जाएगी।
जल संरक्षण के लिए सामूहिक प्रयास जरूरी
मीडिया ऑडिटर ,सीहोर (निप्र)। जनअभियान परिषद एवं खाद्य प्रसंस्करण विभाग, जिला सीहोर द्वारा 'जल गंगा संवर्धन अभियान' के अंतर्गत विकासखंड बुधनी की ग्राम पंचायत होलीपुरा में जल संरक्षण एवं संवर्धन विषयक जागरूकता कार्यशाला आयोजित की गई। कार्यशाला का उद्देश्य ग्रामीणों एवं किसानों को जल संरक्षण के महत्व, वर्षा जल संचयन तथा सूक्ष्म सिंचाई तकनीकों के प्रति जागरूक करना था। कार्यक्रम ग्राम पंचायत होलीपुरा के सरपंच श्री कमल सिंह ओझा की उपस्थिति में संपन्न हुआ। इस अवसर पर सरपंच श्री ओझा ने जल को जीवन का आधार बताते हुए कहा कि वर्तमान समय में जल संरक्षण अत्यंत आवश्यक है। उन्होंने ग्रामवासियों से जल स्रोतों के संरक्षण, तालाबों एवं कुओं के पुनर्जीवन तथा जल के समुचित उपयोग के लिए सामूहिक प्रयास करने का आह्वान किया। कार्यशाला में ग्रामीण उद्यान विस्तार अधिकारियों द्वारा कृषकों को जल संरक्षण के व्यावहारिक उपायों, फसल जल प्रबंधन तथा उद्यानिकी फसलों में जल उपयोग दक्षता के संबंध में विस्तारपूर्वक जानकारी दी गई।
